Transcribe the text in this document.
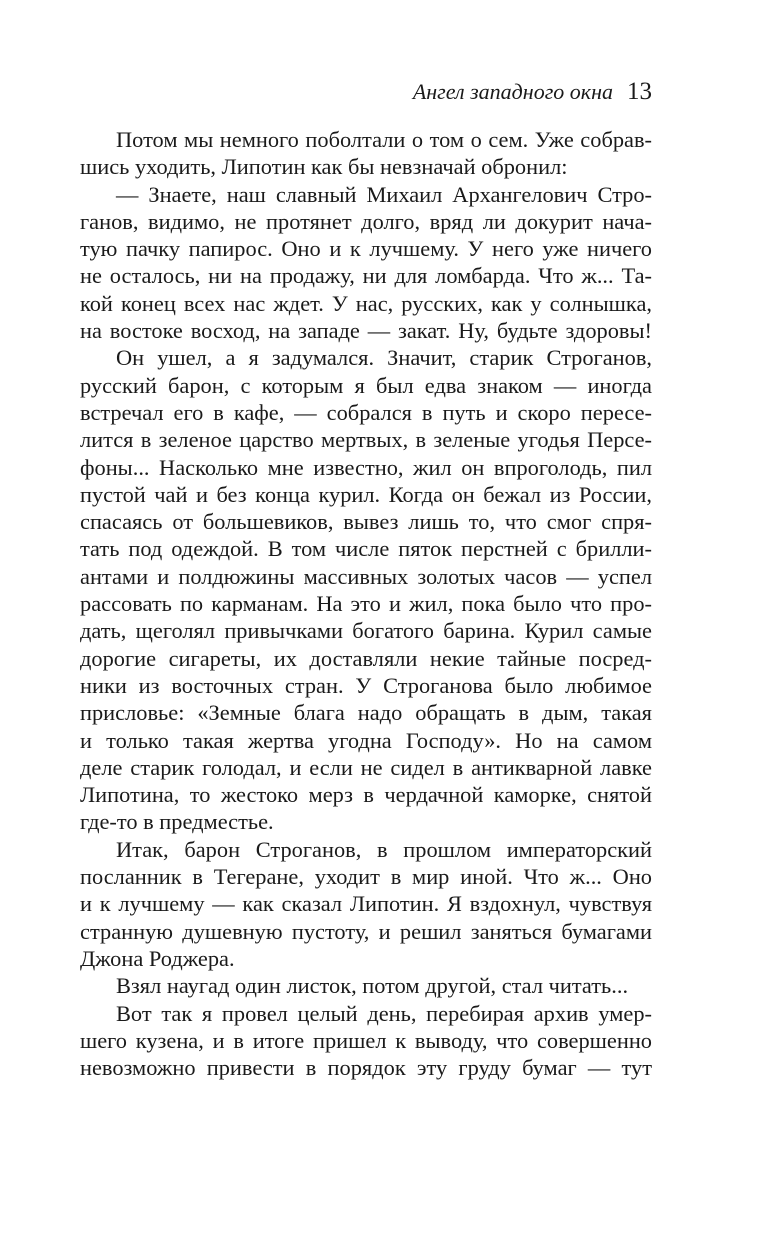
Ангел западного окна 13
Потом мы немного поболтали о том о сем. Уже собрав-
шись уходить, Липотин как бы невзначай обронил:
— Знаете, наш славный Михаил Архангелович Стро-
ганов, видимо, не протянет долго, вряд ли докурит нача-
тую пачку папирос. Оно и к лучшему. У него уже ничего
не осталось, ни на продажу, ни для ломбарда. Что ж... Та-
кой конец всех нас ждет. У нас, русских, как у солнышка,
на востоке восход, на западе — закат. Ну, будьте здоровы!
Он ушел, а я задумался. Значит, старик Строганов,
русский барон, с которым я был едва знаком — иногда
встречал его в кафе, — собрался в путь и скоро пересе-
лится в зеленое царство мертвых, в зеленые угодья Персе-
фоны... Насколько мне известно, жил он впроголодь, пил
пустой чай и без конца курил. Когда он бежал из России,
спасаясь от большевиков, вывез лишь то, что смог спря-
тать под одеждой. В том числе пяток перстней с брилли-
антами и полдюжины массивных золотых часов — успел
рассовать по карманам. На это и жил, пока было что про-
дать, щеголял привычками богатого барина. Курил самые
дорогие сигареты, их доставляли некие тайные посред-
ники из восточных стран. У Строганова было любимое
присловье: «Земные блага надо обращать в дым, такая
и только такая жертва угодна Господу». Но на самом
деле старик голодал, и если не сидел в антикварной лавке
Липотина, то жестоко мерз в чердачной каморке, снятой
где-то в предместье.
Итак, барон Строганов, в прошлом императорский
посланник в Тегеране, уходит в мир иной. Что ж... Оно
и к лучшему — как сказал Липотин. Я вздохнул, чувствуя
странную душевную пустоту, и решил заняться бумагами
Джона Роджера.
Взял наугад один листок, потом другой, стал читать...
Вот так я провел целый день, перебирая архив умер-
шего кузена, и в итоге пришел к выводу, что совершенно
невозможно привести в порядок эту груду бумаг — тут
